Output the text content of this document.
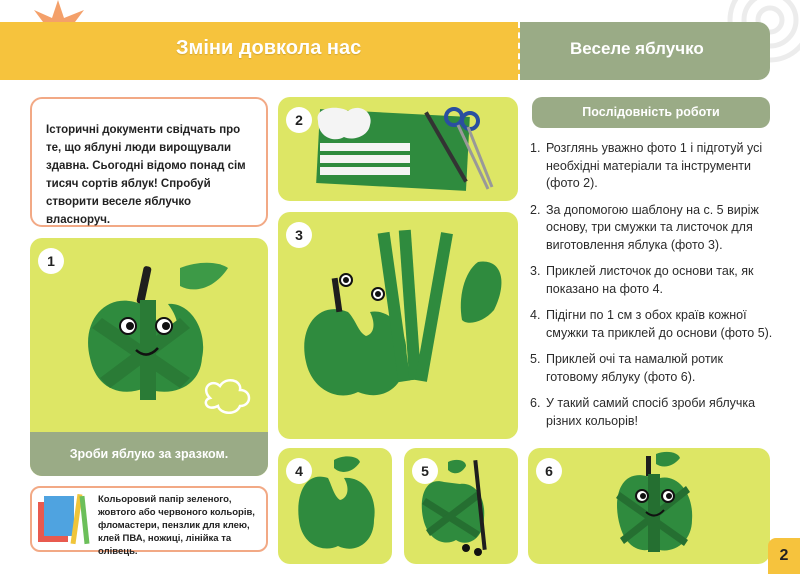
Зміни довкола нас	Веселе яблучко

Історичні документи свідчать про те, що яблуні люди вирощували здавна. Сьогодні відомо понад сім тисяч сортів яблук! Спробуй створити веселе яблучко власноруч.

1
Зроби яблуко за зразком.
2
3
4	5	6
Кольоровий папір зеленого, жовтого або червоного кольорів, фломастери, пензлик для клею, клей ПВА, ножиці, лінійка та олівець.
Послідовність роботи
1. Розглянь уважно фото 1 і підготуй усі необхідні матеріали та інструменти (фото 2).
2. За допомогою шаблону на с. 5 виріж основу, три смужки та листочок для виготовлення яблука (фото 3).
3. Приклей листочок до основи так, як показано на фото 4.
4. Підігни по 1 см з обох країв кожної смужки та приклей до основи (фото 5).
5. Приклей очі та намалюй ротик готовому яблуку (фото 6).
6. У такий самий спосіб зроби яблучка різних кольорів!
2
